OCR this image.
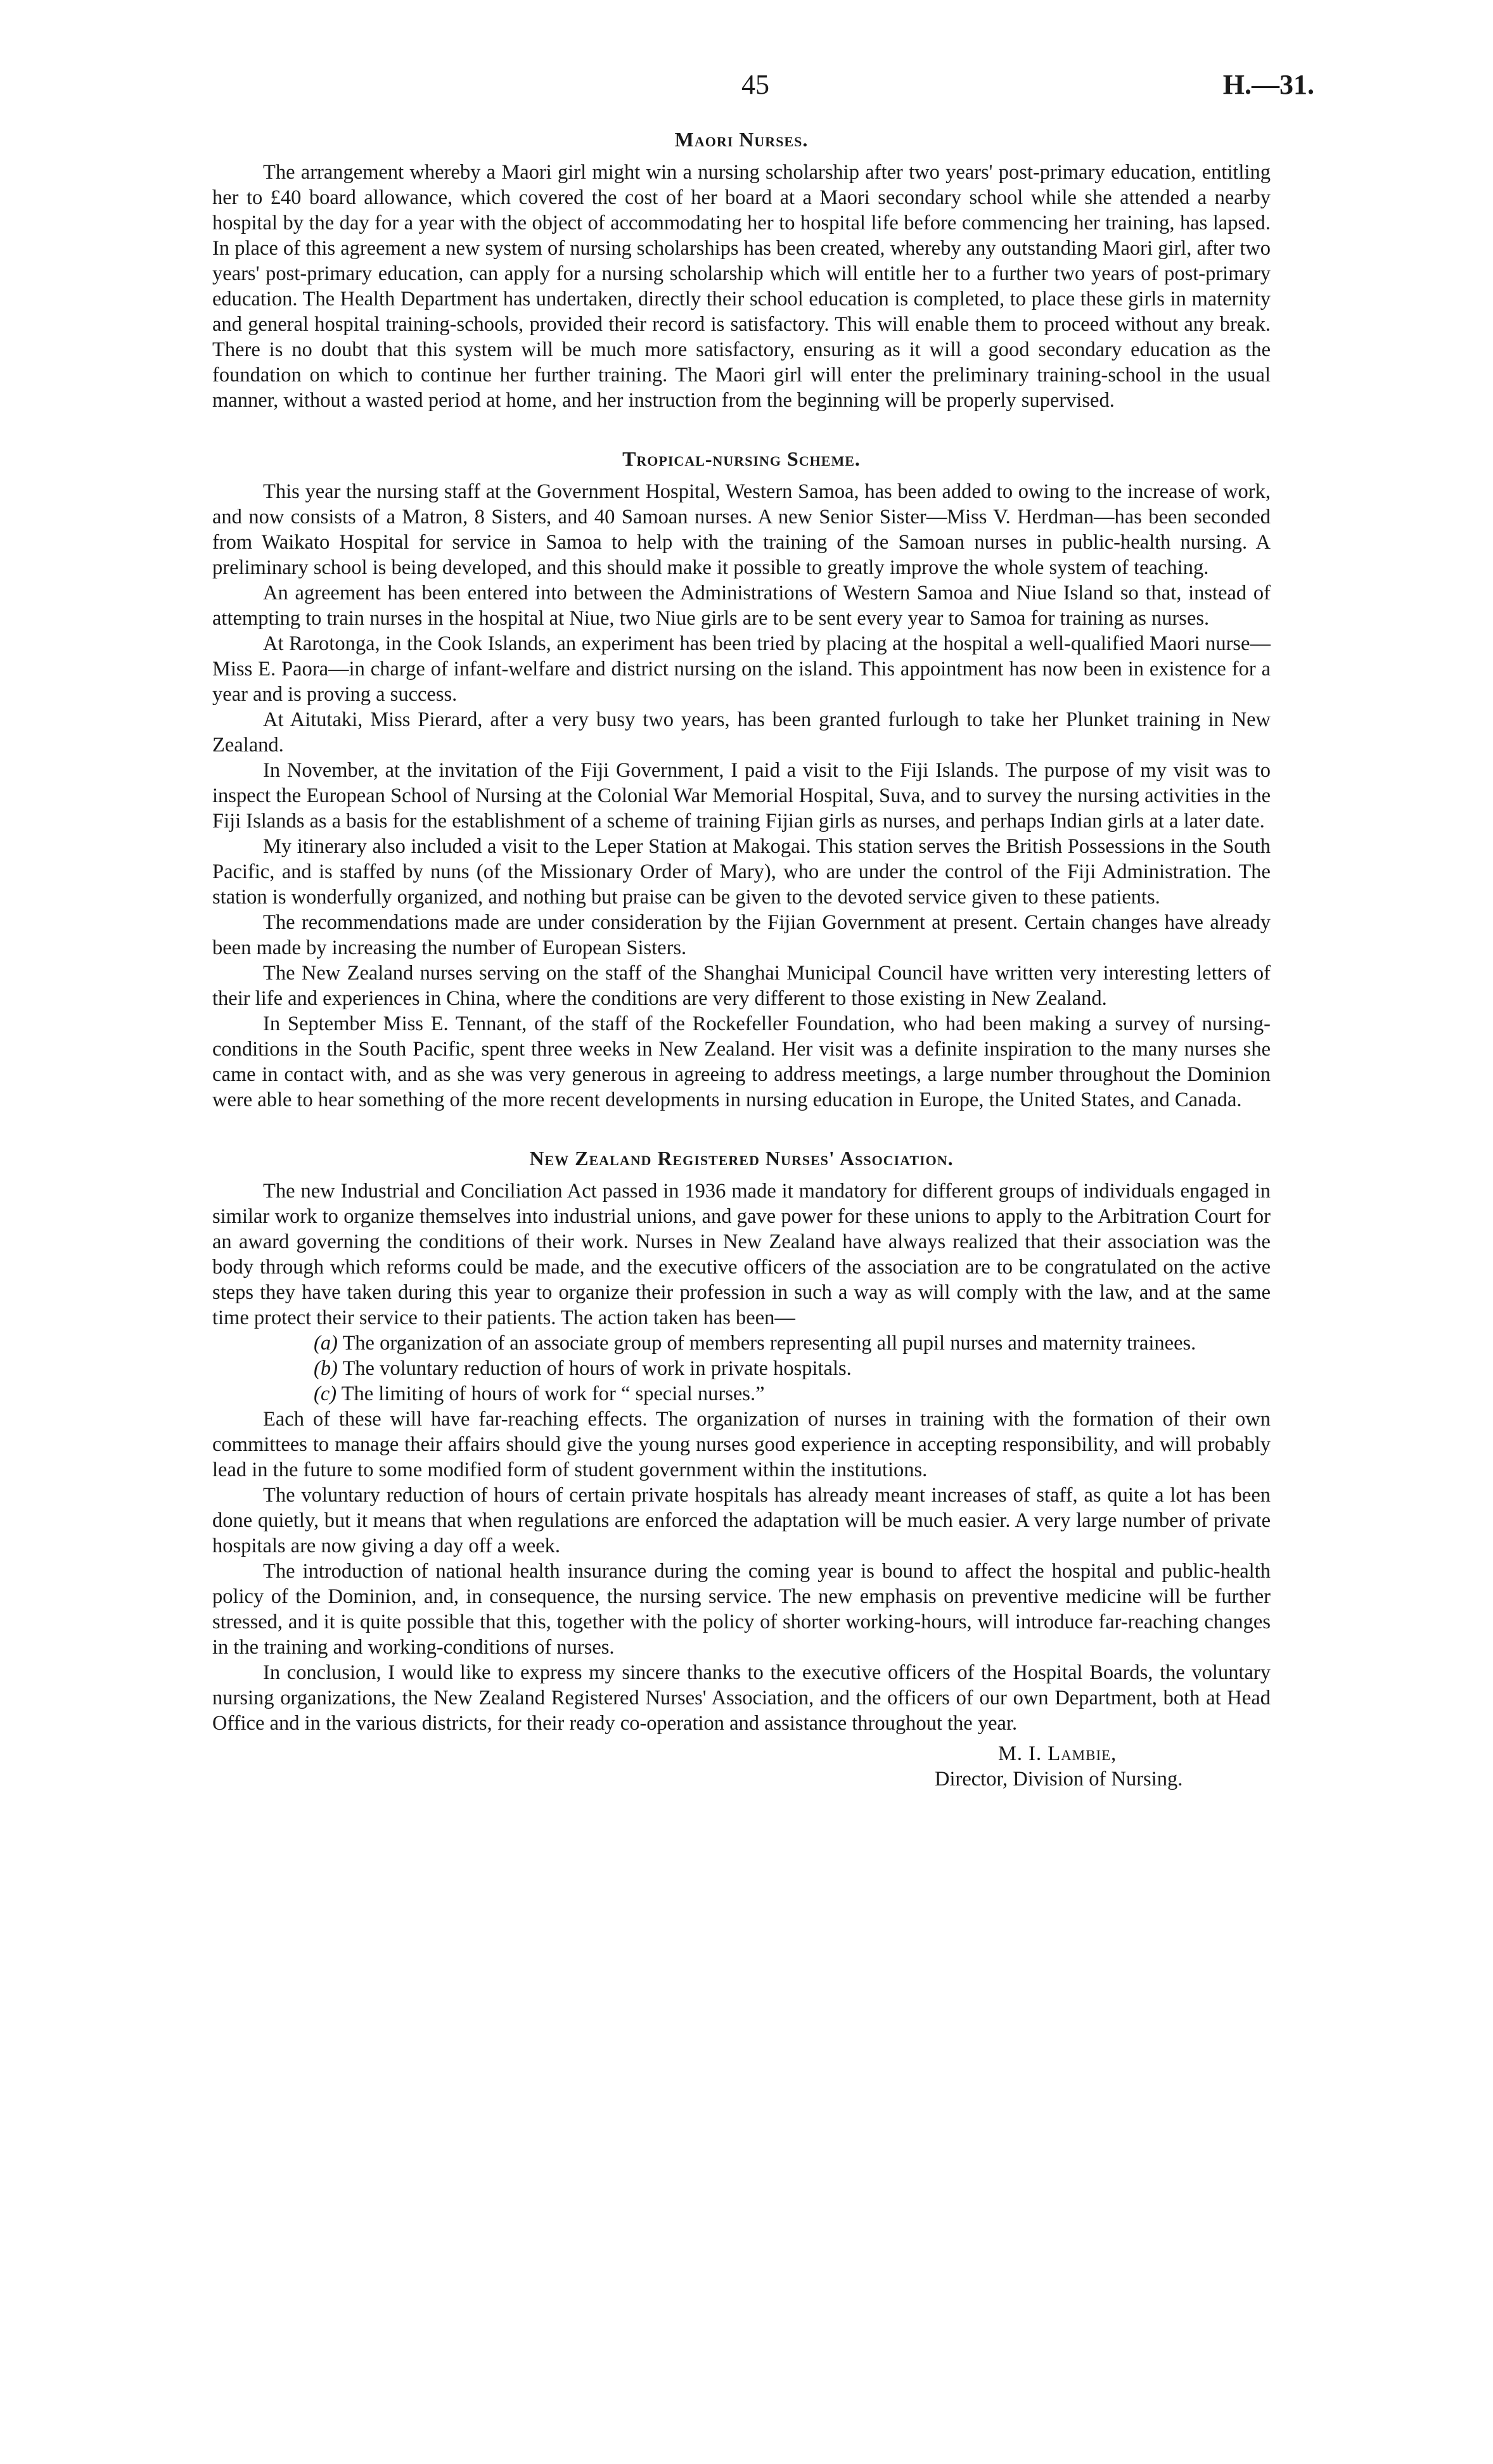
45	H.—31.
Maori Nurses.

The arrangement whereby a Maori girl might win a nursing scholarship after two years' post-primary education, entitling her to £40 board allowance, which covered the cost of her board at a Maori secondary school while she attended a nearby hospital by the day for a year with the object of accommodating her to hospital life before commencing her training, has lapsed. In place of this agreement a new system of nursing scholarships has been created, whereby any outstanding Maori girl, after two years' post-primary education, can apply for a nursing scholarship which will entitle her to a further two years of post-primary education. The Health Department has undertaken, directly their school education is completed, to place these girls in maternity and general hospital training-schools, provided their record is satisfactory. This will enable them to proceed without any break. There is no doubt that this system will be much more satisfactory, ensuring as it will a good secondary education as the foundation on which to continue her further training. The Maori girl will enter the preliminary training-school in the usual manner, without a wasted period at home, and her instruction from the beginning will be properly supervised.

Tropical-nursing Scheme.

This year the nursing staff at the Government Hospital, Western Samoa, has been added to owing to the increase of work, and now consists of a Matron, 8 Sisters, and 40 Samoan nurses. A new Senior Sister—Miss V. Herdman—has been seconded from Waikato Hospital for service in Samoa to help with the training of the Samoan nurses in public-health nursing. A preliminary school is being developed, and this should make it possible to greatly improve the whole system of teaching.

An agreement has been entered into between the Administrations of Western Samoa and Niue Island so that, instead of attempting to train nurses in the hospital at Niue, two Niue girls are to be sent every year to Samoa for training as nurses.

At Rarotonga, in the Cook Islands, an experiment has been tried by placing at the hospital a well-qualified Maori nurse—Miss E. Paora—in charge of infant-welfare and district nursing on the island. This appointment has now been in existence for a year and is proving a success.

At Aitutaki, Miss Pierard, after a very busy two years, has been granted furlough to take her Plunket training in New Zealand.

In November, at the invitation of the Fiji Government, I paid a visit to the Fiji Islands. The purpose of my visit was to inspect the European School of Nursing at the Colonial War Memorial Hospital, Suva, and to survey the nursing activities in the Fiji Islands as a basis for the establishment of a scheme of training Fijian girls as nurses, and perhaps Indian girls at a later date.

My itinerary also included a visit to the Leper Station at Makogai. This station serves the British Possessions in the South Pacific, and is staffed by nuns (of the Missionary Order of Mary), who are under the control of the Fiji Administration. The station is wonderfully organized, and nothing but praise can be given to the devoted service given to these patients.

The recommendations made are under consideration by the Fijian Government at present. Certain changes have already been made by increasing the number of European Sisters.

The New Zealand nurses serving on the staff of the Shanghai Municipal Council have written very interesting letters of their life and experiences in China, where the conditions are very different to those existing in New Zealand.

In September Miss E. Tennant, of the staff of the Rockefeller Foundation, who had been making a survey of nursing-conditions in the South Pacific, spent three weeks in New Zealand. Her visit was a definite inspiration to the many nurses she came in contact with, and as she was very generous in agreeing to address meetings, a large number throughout the Dominion were able to hear something of the more recent developments in nursing education in Europe, the United States, and Canada.

New Zealand Registered Nurses' Association.

The new Industrial and Conciliation Act passed in 1936 made it mandatory for different groups of individuals engaged in similar work to organize themselves into industrial unions, and gave power for these unions to apply to the Arbitration Court for an award governing the conditions of their work. Nurses in New Zealand have always realized that their association was the body through which reforms could be made, and the executive officers of the association are to be congratulated on the active steps they have taken during this year to organize their profession in such a way as will comply with the law, and at the same time protect their service to their patients. The action taken has been—

(a) The organization of an associate group of members representing all pupil nurses and maternity trainees.
(b) The voluntary reduction of hours of work in private hospitals.
(c) The limiting of hours of work for “ special nurses.”

Each of these will have far-reaching effects. The organization of nurses in training with the formation of their own committees to manage their affairs should give the young nurses good experience in accepting responsibility, and will probably lead in the future to some modified form of student government within the institutions.

The voluntary reduction of hours of certain private hospitals has already meant increases of staff, as quite a lot has been done quietly, but it means that when regulations are enforced the adaptation will be much easier. A very large number of private hospitals are now giving a day off a week.

The introduction of national health insurance during the coming year is bound to affect the hospital and public-health policy of the Dominion, and, in consequence, the nursing service. The new emphasis on preventive medicine will be further stressed, and it is quite possible that this, together with the policy of shorter working-hours, will introduce far-reaching changes in the training and working-conditions of nurses.

In conclusion, I would like to express my sincere thanks to the executive officers of the Hospital Boards, the voluntary nursing organizations, the New Zealand Registered Nurses' Association, and the officers of our own Department, both at Head Office and in the various districts, for their ready co-operation and assistance throughout the year.

M. I. Lambie,
Director, Division of Nursing.
